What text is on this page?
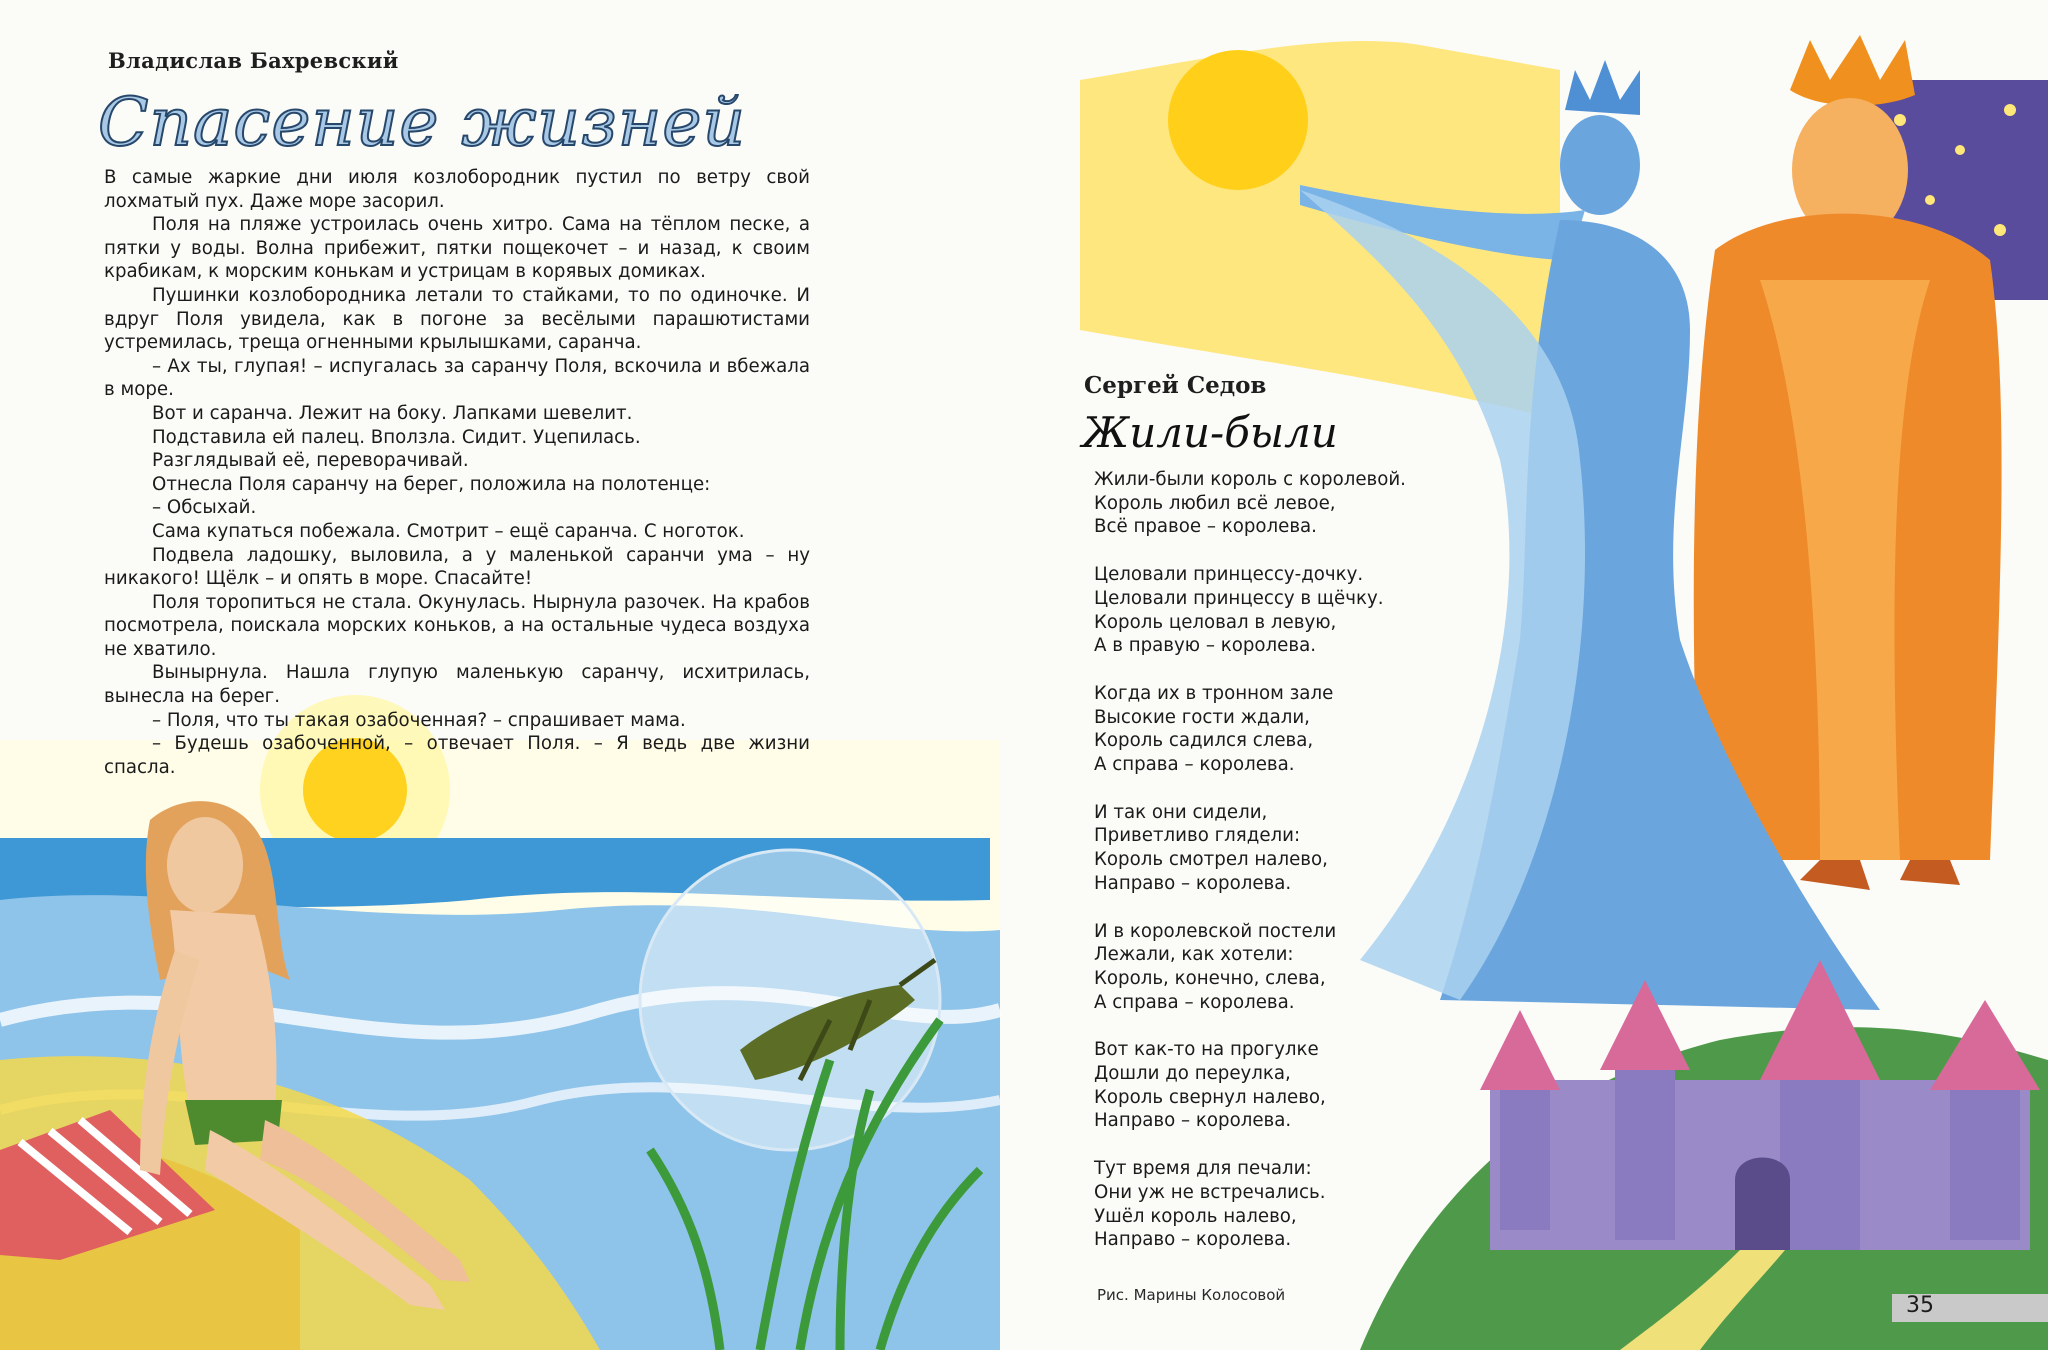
Владислав Бахревский
Спасение жизней

В самые жаркие дни июля козлобородник пустил по ветру свой лохматый пух. Даже море засорил.

Поля на пляже устроилась очень хитро. Сама на тёплом песке, а пятки у воды. Волна прибежит, пятки пощекочет – и назад, к своим крабикам, к морским конькам и устрицам в корявых домиках.

Пушинки козлобородника летали то стайками, то по одиночке. И вдруг Поля увидела, как в погоне за весёлыми парашютистами устремилась, треща огненными крылышками, саранча.

– Ах ты, глупая! – испугалась за саранчу Поля, вскочила и вбежала в море.

Вот и саранча. Лежит на боку. Лапками шевелит.

Подставила ей палец. Вползла. Сидит. Уцепилась.

Разглядывай её, переворачивай.

Отнесла Поля саранчу на берег, положила на полотенце:

– Обсыхай.

Сама купаться побежала. Смотрит – ещё саранча. С ноготок.

Подвела ладошку, выловила, а у маленькой саранчи ума – ну никакого! Щёлк – и опять в море. Спасайте!

Поля торопиться не стала. Окунулась. Нырнула разочек. На крабов посмотрела, поискала морских коньков, а на остальные чудеса воздуха не хватило.

Вынырнула. Нашла глупую маленькую саранчу, исхитрилась, вынесла на берег.

– Поля, что ты такая озабоченная? – спрашивает мама.

– Будешь озабоченной, – отвечает Поля. – Я ведь две жизни спасла.

Сергей Седов
Жили-были
Жили-были король с королевой.
Король любил всё левое,
Всё правое – королева.
Целовали принцессу-дочку.
Целовали принцессу в щёчку.
Король целовал в левую,
А в правую – королева.
Когда их в тронном зале
Высокие гости ждали,
Король садился слева,
А справа – королева.
И так они сидели,
Приветливо глядели:
Король смотрел налево,
Направо – королева.
И в королевской постели
Лежали, как хотели:
Король, конечно, слева,
А справа – королева.
Вот как-то на прогулке
Дошли до переулка,
Король свернул налево,
Направо – королева.
Тут время для печали:
Они уж не встречались.
Ушёл король налево,
Направо – королева.
Рис. Марины Колосовой	35
